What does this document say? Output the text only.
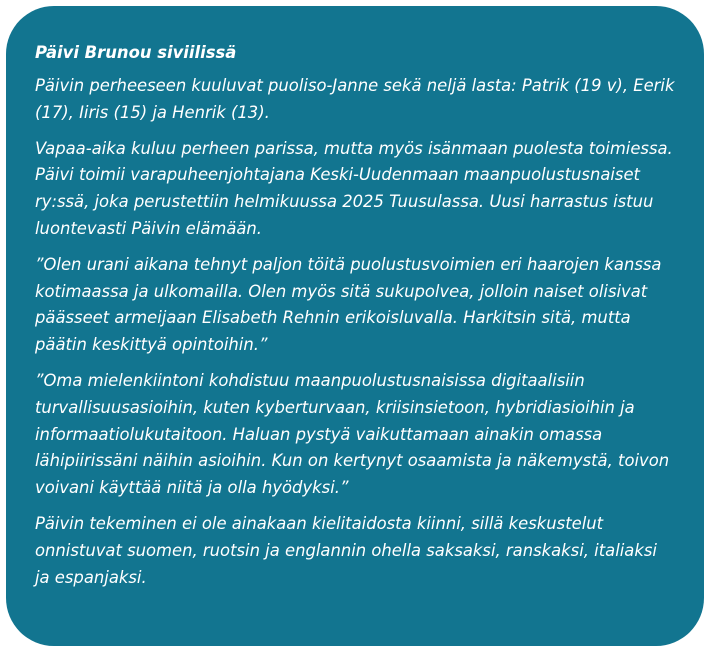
Päivi Brunou siviilissä

Päivin perheeseen kuuluvat puoliso-Janne sekä neljä lasta: Patrik (19 v), Eerik (17), Iiris (15) ja Henrik (13).

Vapaa-aika kuluu perheen parissa, mutta myös isänmaan puolesta toimiessa. Päivi toimii varapuheenjohtajana Keski-Uudenmaan maanpuolustusnaiset ry:ssä, joka perustettiin helmikuussa 2025 Tuusulassa. Uusi harrastus istuu luontevasti Päivin elämään.

”Olen urani aikana tehnyt paljon töitä puolustusvoimien eri haarojen kanssa kotimaassa ja ulkomailla. Olen myös sitä sukupolvea, jolloin naiset olisivat päässeet armeijaan Elisabeth Rehnin erikoisluvalla. Harkitsin sitä, mutta päätin keskittyä opintoihin.”

”Oma mielenkiintoni kohdistuu maanpuolustusnaisissa digitaalisiin turvallisuusasioihin, kuten kyberturvaan, kriisinsietoon, hybridiasioihin ja informaatiolukutaitoon. Haluan pystyä vaikuttamaan ainakin omassa lähipiirissäni näihin asioihin. Kun on kertynyt osaamista ja näkemystä, toivon voivani käyttää niitä ja olla hyödyksi.”

Päivin tekeminen ei ole ainakaan kielitaidosta kiinni, sillä keskustelut onnistuvat suomen, ruotsin ja englannin ohella saksaksi, ranskaksi, italiaksi ja espanjaksi.
